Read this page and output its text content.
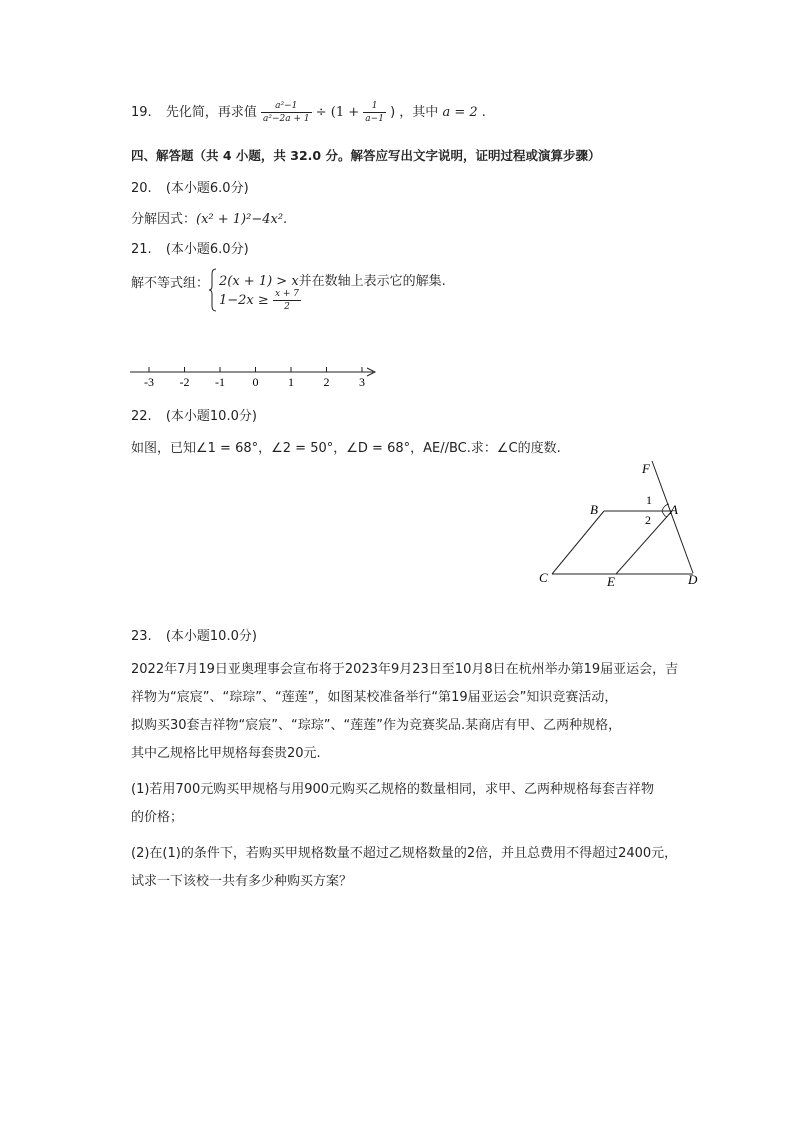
19. 先化简，再求值 $\frac{\text{a²−1}}{\text{a²−2a + 1}} \div (1 + \frac{1}{a-1}$ ) ，其中 a = 2 .
四、解答题（共 4 小题，共 32.0 分。解答应写出文字说明，证明过程或演算步骤）
20. (本小题6.0分)
分解因式：(x² + 1)²−4x².
21. (本小题6.0分)
解不等式组： 2(x + 1) > x并在数轴上表示它的解集.
$1-2x \ge \frac{x + 7}{2}$
-3 -2 -1 0 1 2 3
22. (本小题10.0分)
如图，已知∠1 = 68°，∠2 = 50°，∠D = 68°，AE//BC.求：∠C的度数.
F
B	A
1
2
C	E	D
23. (本小题10.0分)
2022年7月19日亚奥理事会宣布将于2023年9月23日至10月8日在杭州举办第19届亚运会，吉
祥物为“宸宸”、“琮琮”、“莲莲”，如图某校准备举行“第19届亚运会”知识竞赛活动，
拟购买30套吉祥物“宸宸”、“琮琮”、“莲莲”作为竞赛奖品.某商店有甲、乙两种规格，
其中乙规格比甲规格每套贵20元.
(1)若用700元购买甲规格与用900元购买乙规格的数量相同，求甲、乙两种规格每套吉祥物
的价格；
(2)在(1)的条件下，若购买甲规格数量不超过乙规格数量的2倍，并且总费用不得超过2400元，
试求一下该校一共有多少种购买方案？
